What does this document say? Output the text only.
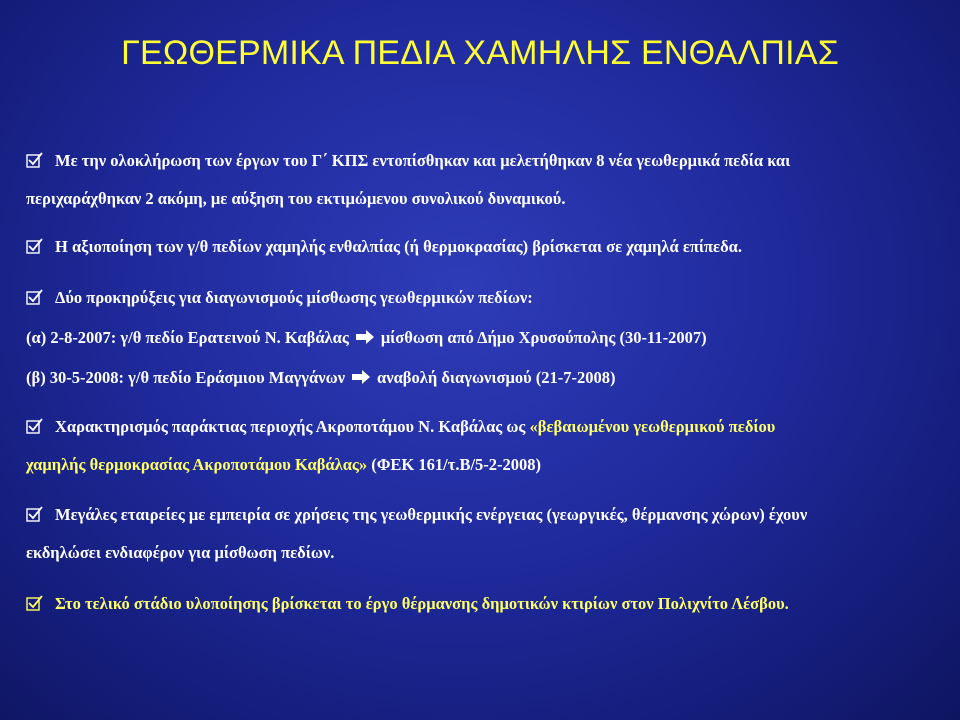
ΓΕΩΘΕΡΜΙΚΑ ΠΕΔΙΑ ΧΑΜΗΛΗΣ ΕΝΘΑΛΠΙΑΣ
Με την ολοκλήρωση των έργων του Γ΄ ΚΠΣ εντοπίσθηκαν και μελετήθηκαν 8 νέα γεωθερμικά πεδία και
περιχαράχθηκαν 2 ακόμη, με αύξηση του εκτιμώμενου συνολικού δυναμικού.
Η αξιοποίηση των γ/θ πεδίων χαμηλής ενθαλπίας (ή θερμοκρασίας) βρίσκεται σε χαμηλά επίπεδα.
Δύο προκηρύξεις για διαγωνισμούς μίσθωσης γεωθερμικών πεδίων:
(α) 2-8-2007: γ/θ πεδίο Ερατεινού Ν. Καβάλας μίσθωση από Δήμο Χρυσούπολης (30-11-2007)
(β) 30-5-2008: γ/θ πεδίο Εράσμιου Μαγγάνων αναβολή διαγωνισμού (21-7-2008)
Χαρακτηρισμός παράκτιας περιοχής Ακροποτάμου Ν. Καβάλας ως «βεβαιωμένου γεωθερμικού πεδίου
χαμηλής θερμοκρασίας Ακροποτάμου Καβάλας» (ΦΕΚ 161/τ.Β/5-2-2008)
Μεγάλες εταιρείες με εμπειρία σε χρήσεις της γεωθερμικής ενέργειας (γεωργικές, θέρμανσης χώρων) έχουν
εκδηλώσει ενδιαφέρον για μίσθωση πεδίων.
Στο τελικό στάδιο υλοποίησης βρίσκεται το έργο θέρμανσης δημοτικών κτιρίων στον Πολιχνίτο Λέσβου.
